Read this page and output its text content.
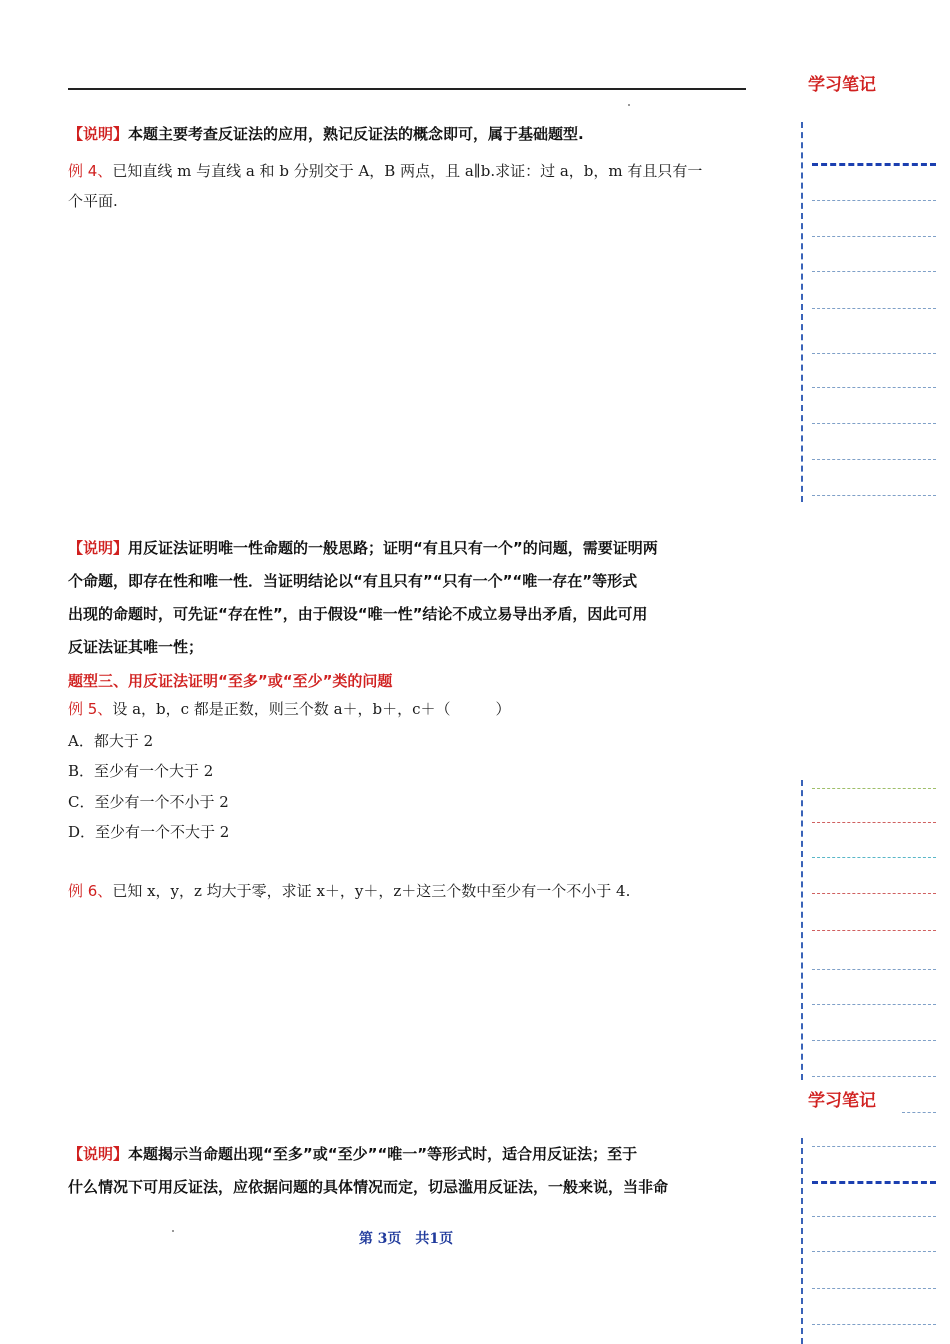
【说明】本题主要考查反证法的应用，熟记反证法的概念即可，属于基础题型.
例 4、已知直线 m 与直线 a 和 b 分别交于 A，B 两点，且 a∥b.求证：过 a，b，m 有且只有一
个平面.
【说明】用反证法证明唯一性命题的一般思路；证明“有且只有一个”的问题，需要证明两
个命题，即存在性和唯一性．当证明结论以“有且只有”“只有一个”“唯一存在”等形式
出现的命题时，可先证“存在性”，由于假设“唯一性”结论不成立易导出矛盾，因此可用
反证法证其唯一性；
题型三、用反证法证明“至多”或“至少”类的问题
例 5、设 a，b，c 都是正数，则三个数 a＋，b＋，c＋（　　　）
A．都大于 2
B．至少有一个大于 2
C．至少有一个不小于 2
D．至少有一个不大于 2
例 6、已知 x，y，z 均大于零，求证 x＋，y＋，z＋这三个数中至少有一个不小于 4.
【说明】本题揭示当命题出现“至多”或“至少”“唯一”等形式时，适合用反证法；至于
什么情况下可用反证法，应依据问题的具体情况而定，切忌滥用反证法，一般来说，当非命
第 3页　共1页
学习笔记
学习笔记
